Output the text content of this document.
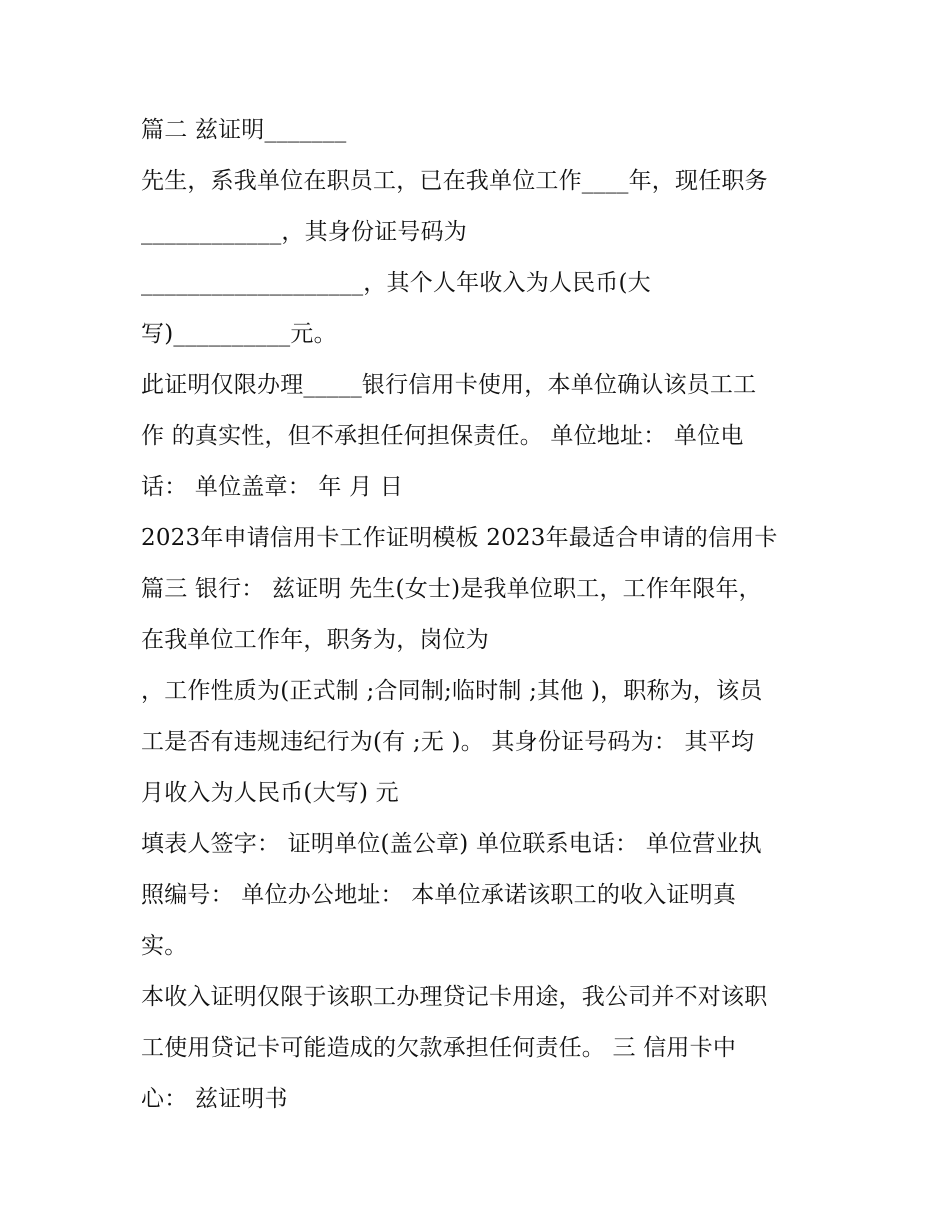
篇二 兹证明_______
先生，系我单位在职员工，已在我单位工作____年，现任职务
____________，其身份证号码为
___________________，其个人年收入为人民币(大
写)__________元。
此证明仅限办理_____银行信用卡使用，本单位确认该员工工
作 的真实性，但不承担任何担保责任。 单位地址： 单位电
话： 单位盖章： 年 月 日
2023年申请信用卡工作证明模板 2023年最适合申请的信用卡
篇三 银行： 兹证明 先生(女士)是我单位职工，工作年限年，
在我单位工作年，职务为，岗位为
，工作性质为(正式制 ;合同制;临时制 ;其他 )，职称为，该员
工是否有违规违纪行为(有 ;无 )。 其身份证号码为： 其平均
月收入为人民币(大写) 元
填表人签字： 证明单位(盖公章) 单位联系电话： 单位营业执
照编号： 单位办公地址： 本单位承诺该职工的收入证明真
实。
本收入证明仅限于该职工办理贷记卡用途，我公司并不对该职
工使用贷记卡可能造成的欠款承担任何责任。 三 信用卡中
心： 兹证明书
